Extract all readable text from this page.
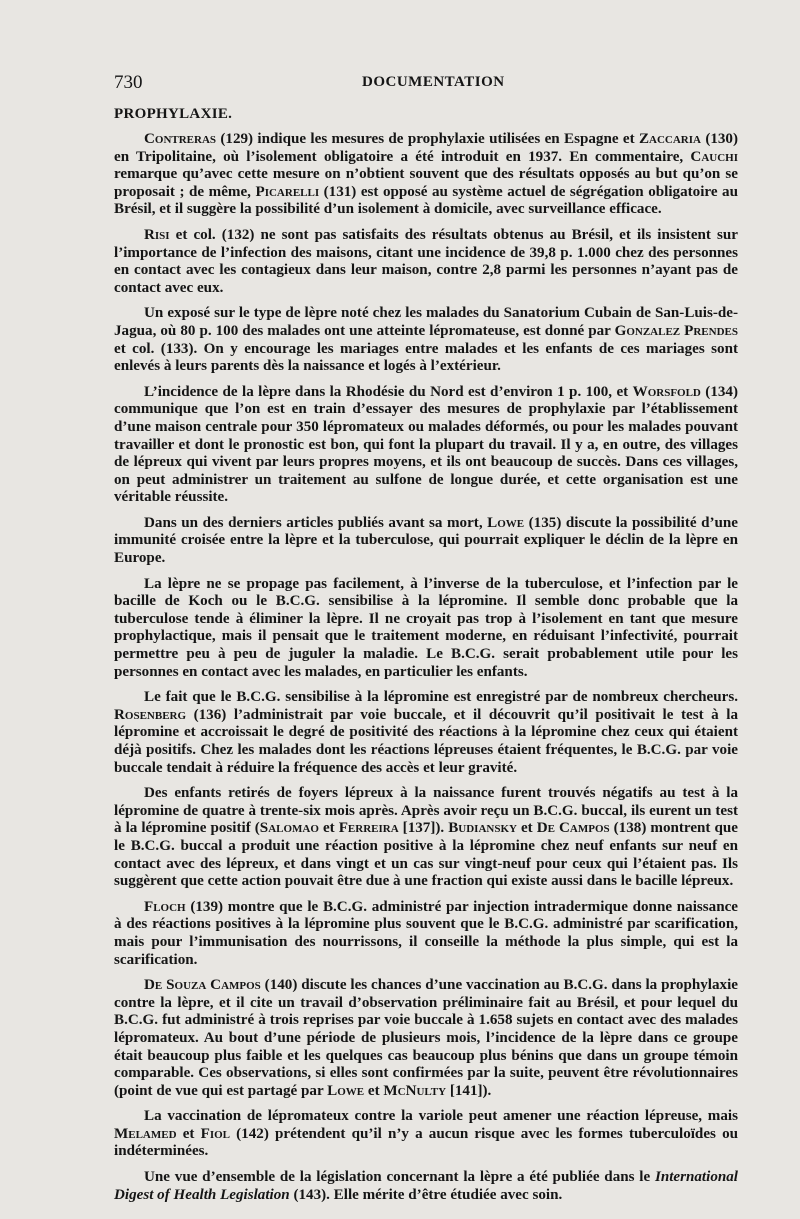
730	DOCUMENTATION
PROPHYLAXIE.

Contreras (129) indique les mesures de prophylaxie utilisées en Espagne et Zaccaria (130) en Tripolitaine, où l’isolement obligatoire a été introduit en 1937. En commentaire, Cauchi remarque qu’avec cette mesure on n’obtient souvent que des résultats opposés au but qu’on se proposait ; de même, Picarelli (131) est opposé au système actuel de ségrégation obligatoire au Brésil, et il suggère la possibilité d’un isolement à domicile, avec surveillance efficace.

Risi et col. (132) ne sont pas satisfaits des résultats obtenus au Brésil, et ils insistent sur l’importance de l’infection des maisons, citant une incidence de 39,8 p. 1.000 chez des personnes en contact avec les contagieux dans leur maison, contre 2,8 parmi les personnes n’ayant pas de contact avec eux.

Un exposé sur le type de lèpre noté chez les malades du Sanatorium Cubain de San-Luis-de-Jagua, où 80 p. 100 des malades ont une atteinte lépromateuse, est donné par Gonzalez Prendes et col. (133). On y encourage les mariages entre malades et les enfants de ces mariages sont enlevés à leurs parents dès la naissance et logés à l’extérieur.

L’incidence de la lèpre dans la Rhodésie du Nord est d’environ 1 p. 100, et Worsfold (134) communique que l’on est en train d’essayer des mesures de prophylaxie par l’établissement d’une maison centrale pour 350 lépromateux ou malades déformés, ou pour les malades pouvant travailler et dont le pronostic est bon, qui font la plupart du travail. Il y a, en outre, des villages de lépreux qui vivent par leurs propres moyens, et ils ont beaucoup de succès. Dans ces villages, on peut administrer un traitement au sulfone de longue durée, et cette organisation est une véritable réussite.

Dans un des derniers articles publiés avant sa mort, Lowe (135) discute la possibilité d’une immunité croisée entre la lèpre et la tuberculose, qui pourrait expliquer le déclin de la lèpre en Europe.

La lèpre ne se propage pas facilement, à l’inverse de la tuberculose, et l’infection par le bacille de Koch ou le B.C.G. sensibilise à la lépromine. Il semble donc probable que la tuberculose tende à éliminer la lèpre. Il ne croyait pas trop à l’isolement en tant que mesure prophylactique, mais il pensait que le traitement moderne, en réduisant l’infectivité, pourrait permettre peu à peu de juguler la maladie. Le B.C.G. serait probablement utile pour les personnes en contact avec les malades, en particulier les enfants.

Le fait que le B.C.G. sensibilise à la lépromine est enregistré par de nombreux chercheurs. Rosenberg (136) l’administrait par voie buccale, et il découvrit qu’il positivait le test à la lépromine et accroissait le degré de positivité des réactions à la lépromine chez ceux qui étaient déjà positifs. Chez les malades dont les réactions lépreuses étaient fréquentes, le B.C.G. par voie buccale tendait à réduire la fréquence des accès et leur gravité.

Des enfants retirés de foyers lépreux à la naissance furent trouvés négatifs au test à la lépromine de quatre à trente-six mois après. Après avoir reçu un B.C.G. buccal, ils eurent un test à la lépromine positif (Salomao et Ferreira [137]). Budiansky et De Campos (138) montrent que le B.C.G. buccal a produit une réaction positive à la lépromine chez neuf enfants sur neuf en contact avec des lépreux, et dans vingt et un cas sur vingt-neuf pour ceux qui l’étaient pas. Ils suggèrent que cette action pouvait être due à une fraction qui existe aussi dans le bacille lépreux.

Floch (139) montre que le B.C.G. administré par injection intradermique donne naissance à des réactions positives à la lépromine plus souvent que le B.C.G. administré par scarification, mais pour l’immunisation des nourrissons, il conseille la méthode la plus simple, qui est la scarification.

De Souza Campos (140) discute les chances d’une vaccination au B.C.G. dans la prophylaxie contre la lèpre, et il cite un travail d’observation préliminaire fait au Brésil, et pour lequel du B.C.G. fut administré à trois reprises par voie buccale à 1.658 sujets en contact avec des malades lépromateux. Au bout d’une période de plusieurs mois, l’incidence de la lèpre dans ce groupe était beaucoup plus faible et les quelques cas beaucoup plus bénins que dans un groupe témoin comparable. Ces observations, si elles sont confirmées par la suite, peuvent être révolutionnaires (point de vue qui est partagé par Lowe et McNulty [141]).

La vaccination de lépromateux contre la variole peut amener une réaction lépreuse, mais Melamed et Fiol (142) prétendent qu’il n’y a aucun risque avec les formes tuberculoïdes ou indéterminées.

Une vue d’ensemble de la législation concernant la lèpre a été publiée dans le International Digest of Health Legislation (143). Elle mérite d’être étudiée avec soin.
